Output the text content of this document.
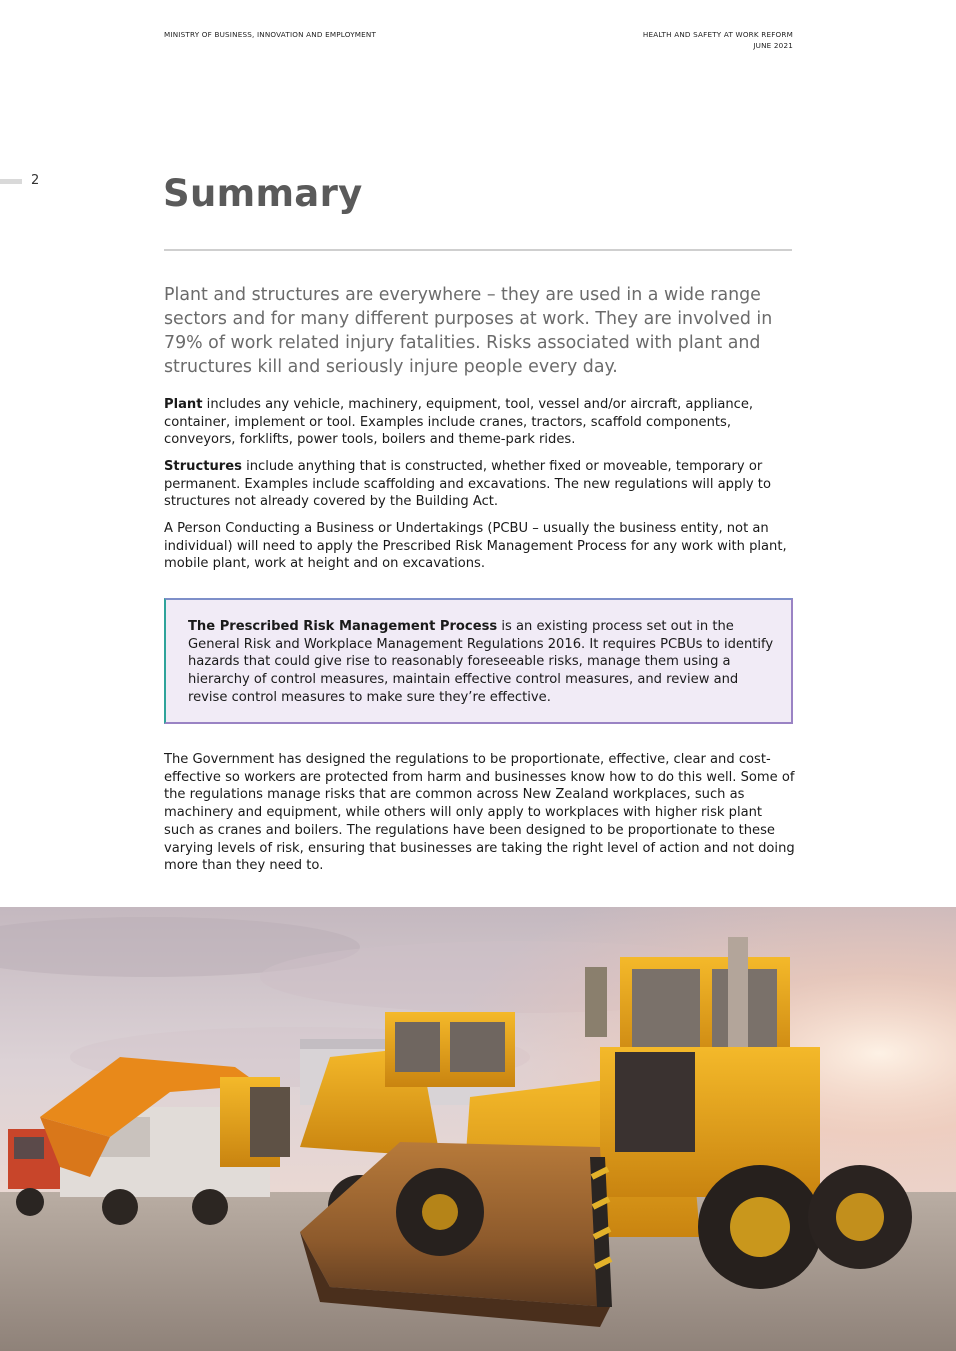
MINISTRY OF BUSINESS, INNOVATION AND EMPLOYMENT	HEALTH AND SAFETY AT WORK REFORM
JUNE 2021
2	Summary

Plant and structures are everywhere – they are used in a wide range sectors and for many different purposes at work. They are involved in 79% of work related injury fatalities. Risks associated with plant and structures kill and seriously injure people every day.

Plant includes any vehicle, machinery, equipment, tool, vessel and/or aircraft, appliance, container, implement or tool. Examples include cranes, tractors, scaffold components, conveyors, forklifts, power tools, boilers and theme-park rides.

Structures include anything that is constructed, whether fixed or moveable, temporary or permanent. Examples include scaffolding and excavations. The new regulations will apply to structures not already covered by the Building Act.

A Person Conducting a Business or Undertakings (PCBU – usually the business entity, not an individual) will need to apply the Prescribed Risk Management Process for any work with plant, mobile plant, work at height and on excavations.

The Prescribed Risk Management Process is an existing process set out in the General Risk and Workplace Management Regulations 2016. It requires PCBUs to identify hazards that could give rise to reasonably foreseeable risks, manage them using a hierarchy of control measures, maintain effective control measures, and review and revise control measures to make sure they’re effective.

The Government has designed the regulations to be proportionate, effective, clear and cost-effective so workers are protected from harm and businesses know how to do this well. Some of the regulations manage risks that are common across New Zealand workplaces, such as machinery and equipment, while others will only apply to workplaces with higher risk plant such as cranes and boilers. The regulations have been designed to be proportionate to these varying levels of risk, ensuring that businesses are taking the right level of action and not doing more than they need to.
